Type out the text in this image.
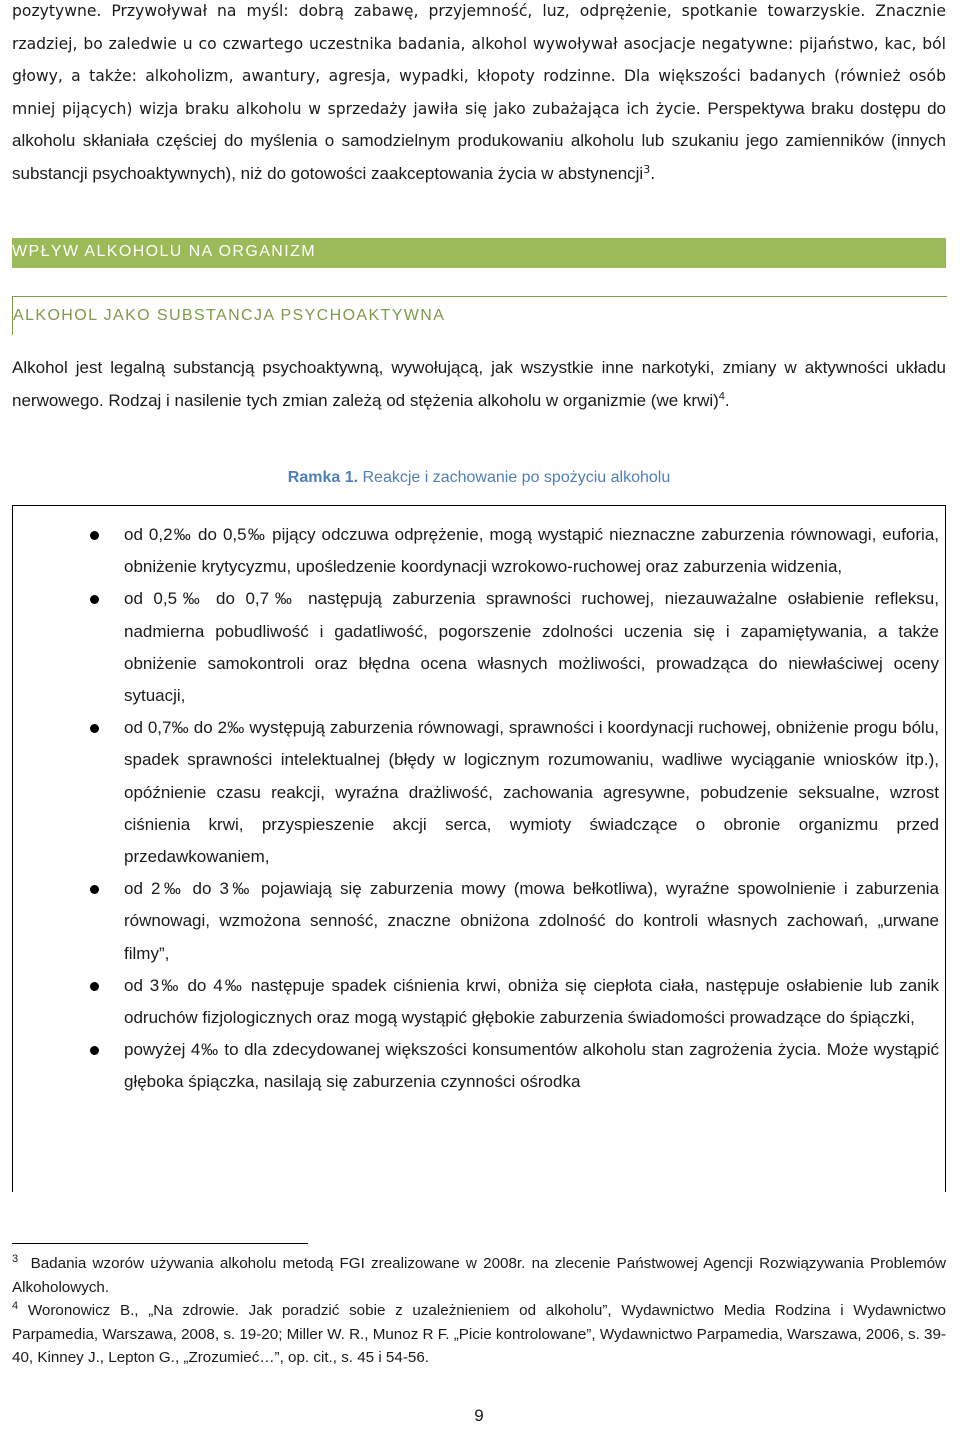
pozytywne. Przywoływał na myśl: dobrą zabawę, przyjemność, luz, odprężenie, spotkanie towarzyskie. Znacznie rzadziej, bo zaledwie u co czwartego uczestnika badania, alkohol wywoływał asocjacje negatywne: pijaństwo, kac, ból głowy, a także: alkoholizm, awantury, agresja, wypadki, kłopoty rodzinne. Dla większości badanych (również osób mniej pijących) wizja braku alkoholu w sprzedaży jawiła się jako zubażająca ich życie. Perspektywa braku dostępu do alkoholu skłaniała częściej do myślenia o samodzielnym produkowaniu alkoholu lub szukaniu jego zamienników (innych substancji psychoaktywnych), niż do gotowości zaakceptowania życia w abstynencji$^3$.

WPŁYW ALKOHOLU NA ORGANIZM
ALKOHOL JAKO SUBSTANCJA PSYCHOAKTYWNA

Alkohol jest legalną substancją psychoaktywną, wywołującą, jak wszystkie inne narkotyki, zmiany w aktywności układu nerwowego. Rodzaj i nasilenie tych zmian zależą od stężenia alkoholu w organizmie (we krwi)$^4$.

Ramka 1. Reakcje i zachowanie po spożyciu alkoholu
od 0,2‰ do 0,5‰ pijący odczuwa odprężenie, mogą wystąpić nieznaczne zaburzenia równowagi, euforia, obniżenie krytycyzmu, upośledzenie koordynacji wzrokowo-ruchowej oraz zaburzenia widzenia,
od 0,5‰ do 0,7‰ następują zaburzenia sprawności ruchowej, niezauważalne osłabienie refleksu, nadmierna pobudliwość i gadatliwość, pogorszenie zdolności uczenia się i zapamiętywania, a także obniżenie samokontroli oraz błędna ocena własnych możliwości, prowadząca do niewłaściwej oceny sytuacji,
od 0,7‰ do 2‰ występują zaburzenia równowagi, sprawności i koordynacji ruchowej, obniżenie progu bólu, spadek sprawności intelektualnej (błędy w logicznym rozumowaniu, wadliwe wyciąganie wniosków itp.), opóźnienie czasu reakcji, wyraźna drażliwość, zachowania agresywne, pobudzenie seksualne, wzrost ciśnienia krwi, przyspieszenie akcji serca, wymioty świadczące o obronie organizmu przed przedawkowaniem,
od 2‰ do 3‰ pojawiają się zaburzenia mowy (mowa bełkotliwa), wyraźne spowolnienie i zaburzenia równowagi, wzmożona senność, znaczne obniżona zdolność do kontroli własnych zachowań, „urwane filmy”,
od 3‰ do 4‰ następuje spadek ciśnienia krwi, obniża się ciepłota ciała, następuje osłabienie lub zanik odruchów fizjologicznych oraz mogą wystąpić głębokie zaburzenia świadomości prowadzące do śpiączki,
powyżej 4‰ to dla zdecydowanej większości konsumentów alkoholu stan zagrożenia życia. Może wystąpić głęboka śpiączka, nasilają się zaburzenia czynności ośrodka

$^3$ Badania wzorów używania alkoholu metodą FGI zrealizowane w 2008r. na zlecenie Państwowej Agencji Rozwiązywania Problemów Alkoholowych.

$^4$ Woronowicz B., „Na zdrowie. Jak poradzić sobie z uzależnieniem od alkoholu”, Wydawnictwo Media Rodzina i Wydawnictwo Parpamedia, Warszawa, 2008, s. 19-20; Miller W. R., Munoz R F. „Picie kontrolowane”, Wydawnictwo Parpamedia, Warszawa, 2006, s. 39-40, Kinney J., Lepton G., „Zrozumieć…”, op. cit., s. 45 i 54-56.

9
